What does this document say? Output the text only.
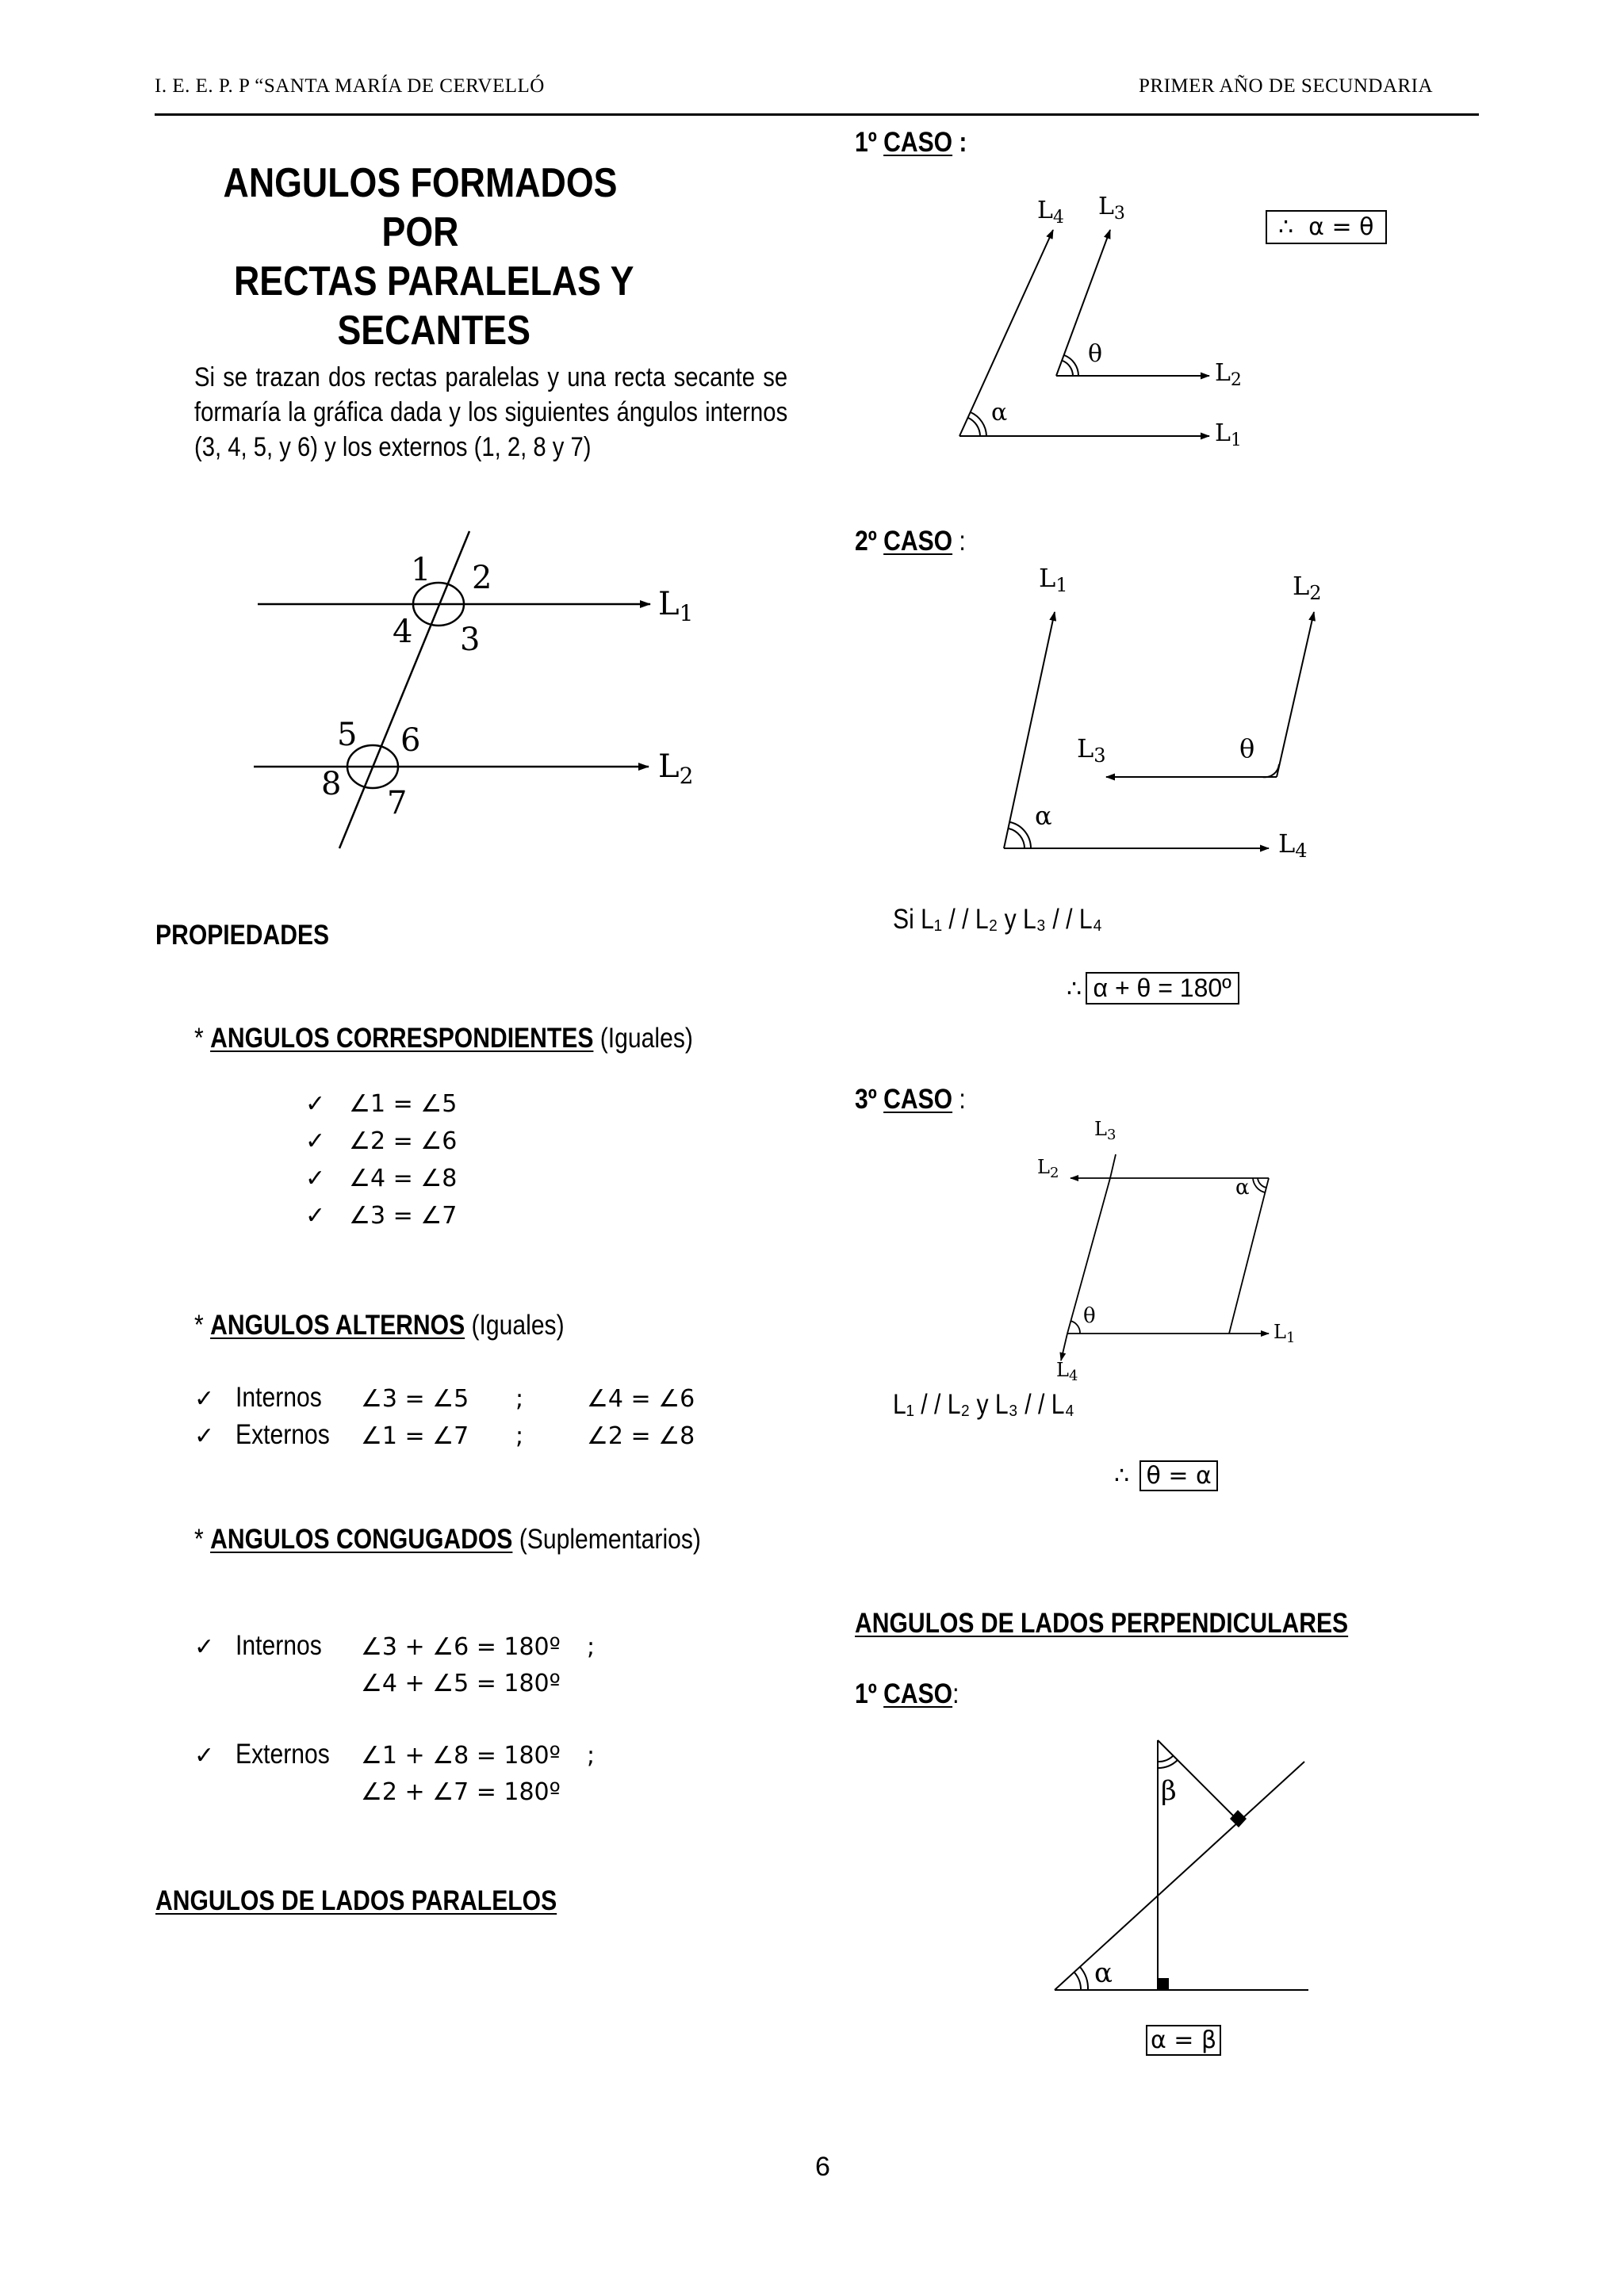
I. E. E. P. P “SANTA MARÍA DE CERVELLÓ	PRIMER AÑO DE SECUNDARIA
ANGULOS FORMADOS POR
RECTAS PARALELAS Y
SECANTES
Si se trazan dos rectas paralelas y una recta secante se formaría la gráfica dada y los siguientes ángulos internos (3, 4, 5, y 6) y los externos (1, 2, 8 y 7)
1 2
3
4
5 6
7
8
$L_1$
$L_2$
PROPIEDADES
* ANGULOS CORRESPONDIENTES (Iguales)
✓ ∠1 = ∠5
✓ ∠2 = ∠6
✓ ∠4 = ∠8
✓ ∠3 = ∠7
* ANGULOS ALTERNOS (Iguales)
✓ Internos ∠3 = ∠5 ;	∠4 = ∠6
✓ Externos ∠1 = ∠7 ;	∠2 = ∠8
* ANGULOS CONGUGADOS (Suplementarios)
✓ Internos ∠3 + ∠6 = 180º ;
∠4 + ∠5 = 180º
✓ Externos ∠1 + ∠8 = 180º ;
∠2 + ∠7 = 180º
ANGULOS DE LADOS PARALELOS
1º CASO :
α
θ
$L_4$ $L_3$
$L_2$
$L_1$
∴ α = θ
2º CASO :
α
θ
L1	L2
L3
L4
Si L₁ / / L₂ y L₃ / / L₄
∴ α + θ = 180º
3º CASO :
α
θ
$L_3$
$L_2$
$L_1$
$L_4$
L₁ / / L₂ y L₃ / / L₄
∴ θ = α
ANGULOS DE LADOS PERPENDICULARES
1º CASO:
β
α
α = β
6
